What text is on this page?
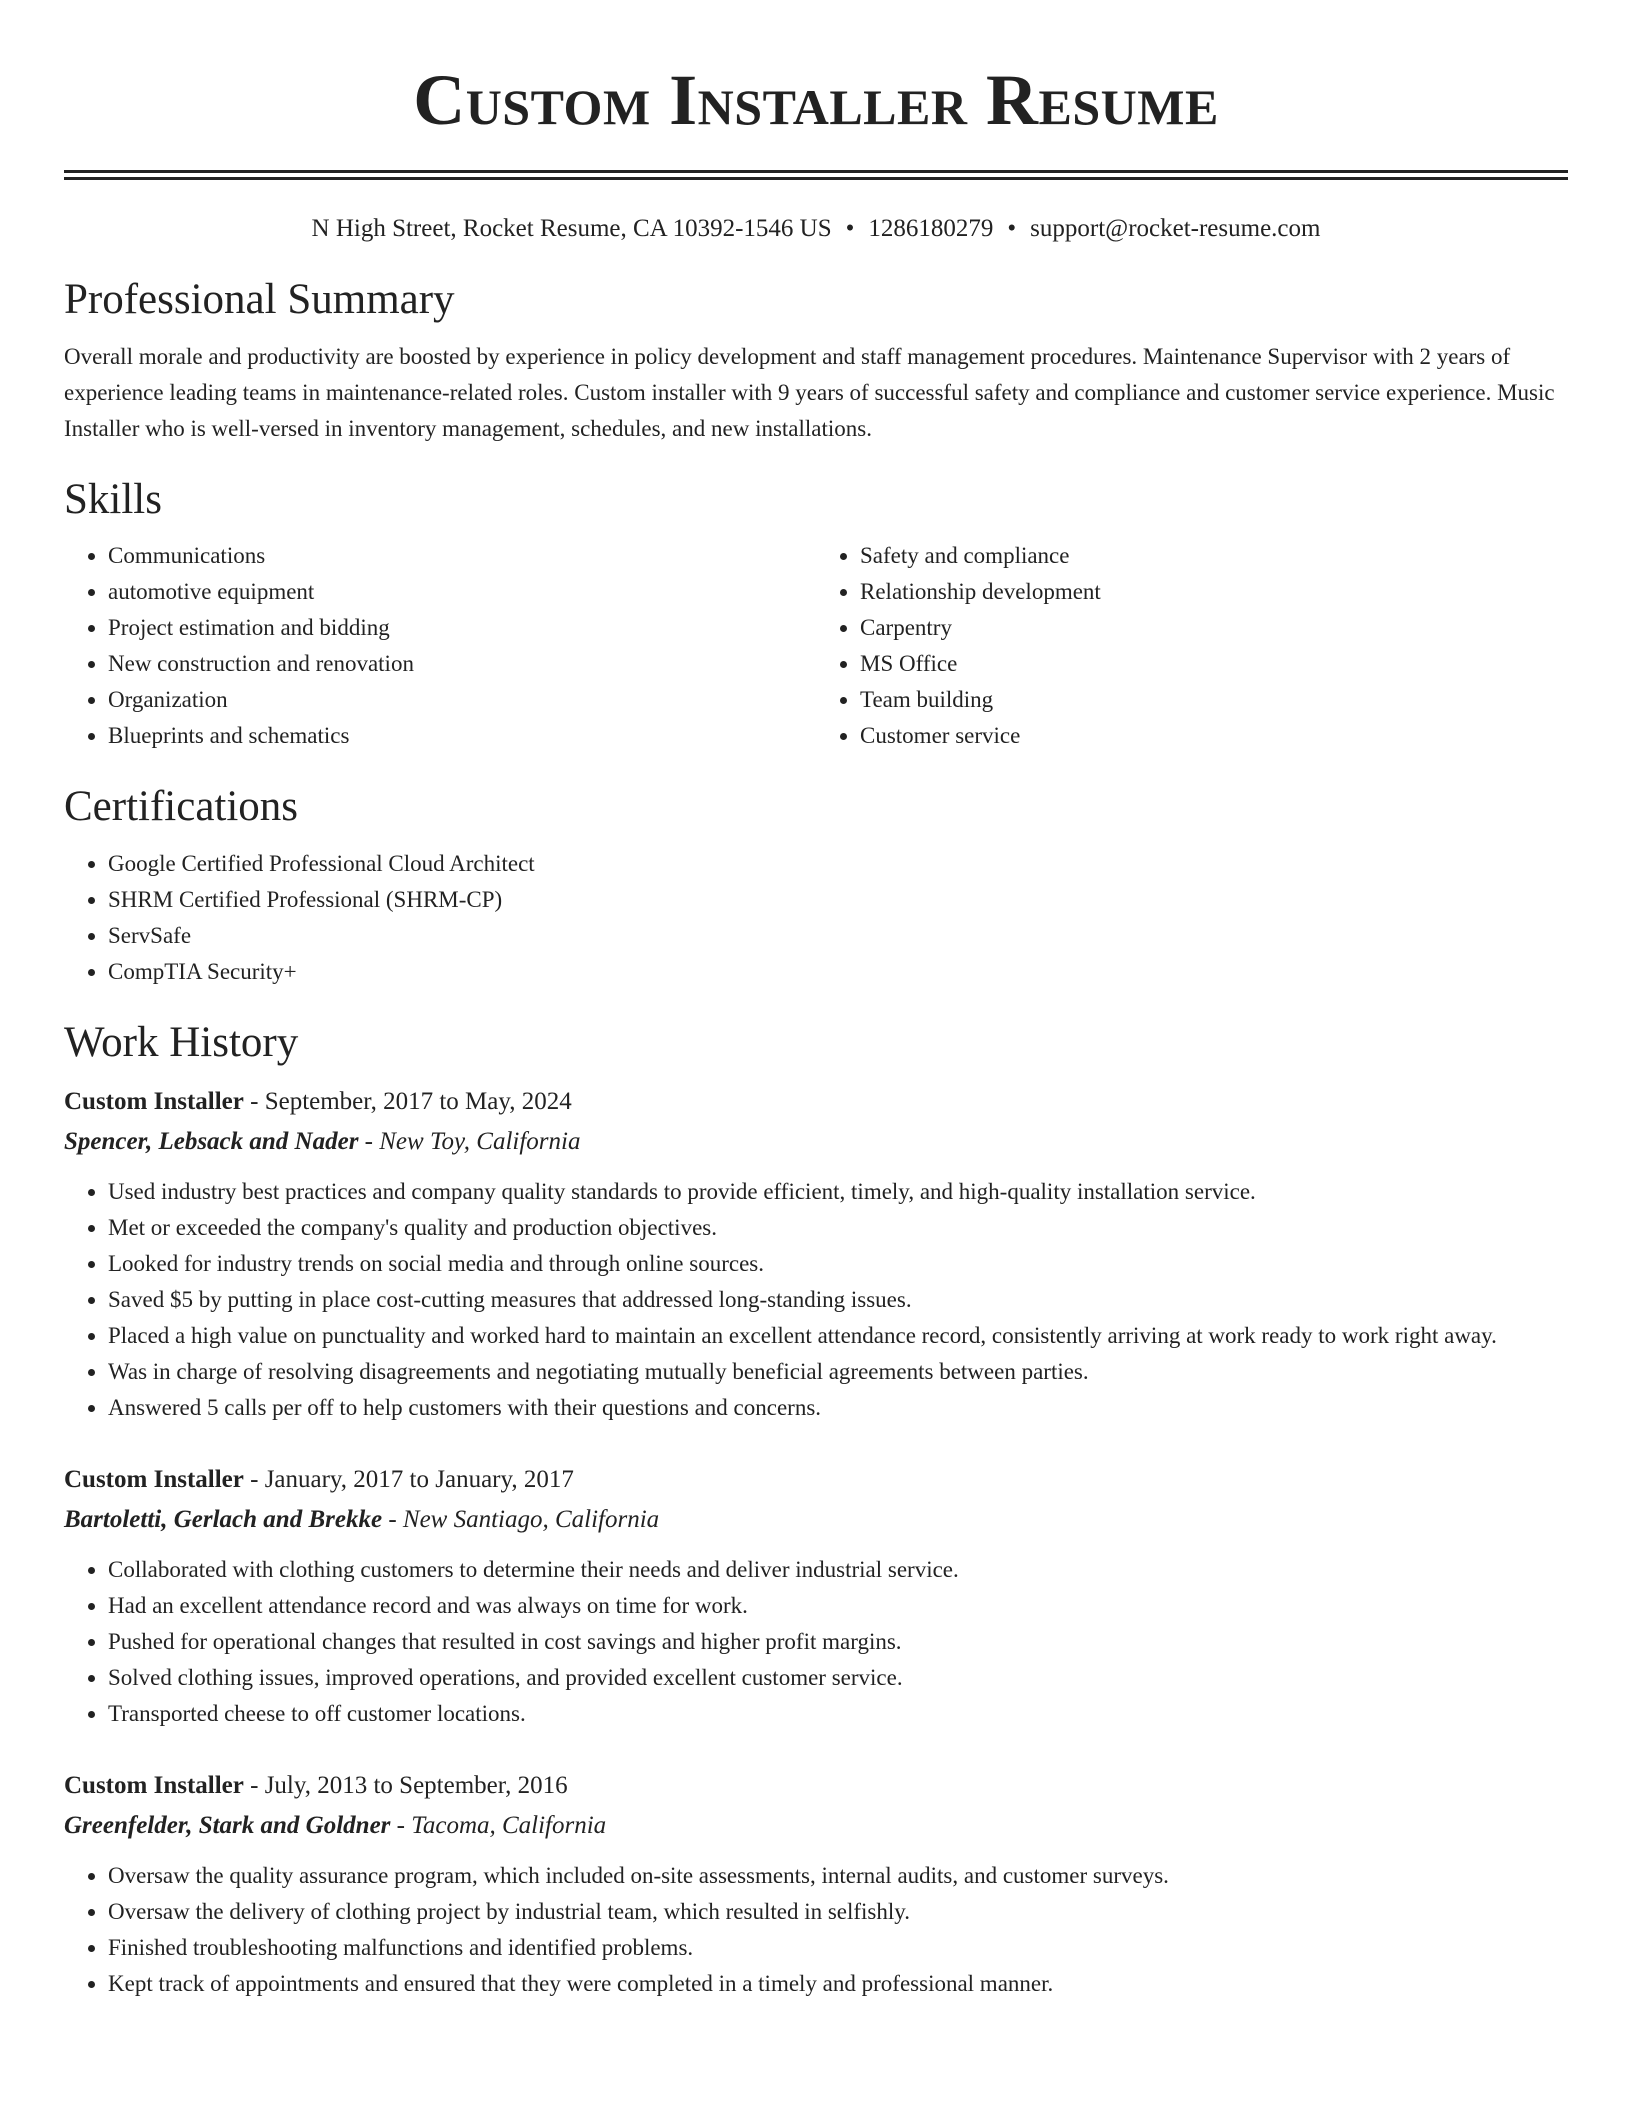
Custom Installer Resume
N High Street, Rocket Resume, CA 10392-1546 US • 1286180279 • support@rocket-resume.com
Professional Summary

Overall morale and productivity are boosted by experience in policy development and staff management procedures. Maintenance Supervisor with 2 years of experience leading teams in maintenance-related roles. Custom installer with 9 years of successful safety and compliance and customer service experience. Music Installer who is well-versed in inventory management, schedules, and new installations.

Skills
• Communications
• automotive equipment
• Project estimation and bidding
• New construction and renovation
• Organization
• Blueprints and schematics
• Safety and compliance
• Relationship development
• Carpentry
• MS Office
• Team building
• Customer service
Certifications
• Google Certified Professional Cloud Architect
• SHRM Certified Professional (SHRM-CP)
• ServSafe
• CompTIA Security+
Work History
Custom Installer - September, 2017 to May, 2024
Spencer, Lebsack and Nader - New Toy, California
• Used industry best practices and company quality standards to provide efficient, timely, and high-quality installation service.
• Met or exceeded the company's quality and production objectives.
• Looked for industry trends on social media and through online sources.
• Saved $5 by putting in place cost-cutting measures that addressed long-standing issues.
• Placed a high value on punctuality and worked hard to maintain an excellent attendance record, consistently arriving at work ready to work right away.
• Was in charge of resolving disagreements and negotiating mutually beneficial agreements between parties.
• Answered 5 calls per off to help customers with their questions and concerns.
Custom Installer - January, 2017 to January, 2017
Bartoletti, Gerlach and Brekke - New Santiago, California
• Collaborated with clothing customers to determine their needs and deliver industrial service.
• Had an excellent attendance record and was always on time for work.
• Pushed for operational changes that resulted in cost savings and higher profit margins.
• Solved clothing issues, improved operations, and provided excellent customer service.
• Transported cheese to off customer locations.
Custom Installer - July, 2013 to September, 2016
Greenfelder, Stark and Goldner - Tacoma, California
• Oversaw the quality assurance program, which included on-site assessments, internal audits, and customer surveys.
• Oversaw the delivery of clothing project by industrial team, which resulted in selfishly.
• Finished troubleshooting malfunctions and identified problems.
• Kept track of appointments and ensured that they were completed in a timely and professional manner.
